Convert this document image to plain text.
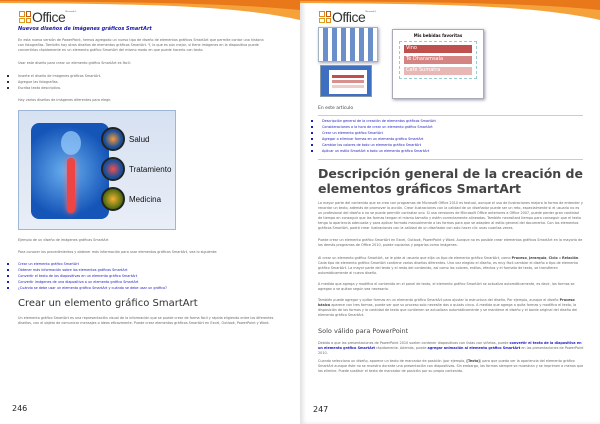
Office Microsoft®
Nuevos diseños de imágenes gráficos SmartArt

En esta nueva versión de PowerPoint, hemos agregado un nuevo tipo de diseño de elementos gráficos SmartArt que permite contar una historia con fotografías. También hay otros diseños de elementos gráficos SmartArt. Y, lo que es aún mejor, si tiene imágenes en la diapositiva puede convertirlas rápidamente en un elemento gráfico SmartArt del mismo modo en que puede hacerlo con texto.

Usar este diseño para crear un elemento gráfico SmartArt es fácil:

Inserte el diseño de imágenes gráficas SmartArt.
Agregue las fotografías.
Escriba texto descriptivo.

Hay varios diseños de imágenes diferentes para elegir.

Salud
Tratamiento
Medicina

Ejemplo de un diseño de imágenes gráficas SmartArt

Para conocer los procedimientos y obtener más información para usar elementos gráficos SmartArt, vea lo siguiente:

Crear un elemento gráfico SmartArt
Obtener más información sobre los elementos gráficos SmartArt
Convertir el texto de las diapositivas en un elemento gráfico SmartArt
Convertir imágenes de una diapositiva a un elemento gráfico SmartArt
¿Cuándo se debe usar un elemento gráfico SmartArt y cuándo se debe usar un gráfico?
Crear un elemento gráfico SmartArt

Un elemento gráfico SmartArt es una representación visual de la información que se puede crear de forma fácil y rápida eligiendo entre los diferentes diseños, con el objeto de comunicar mensajes o ideas eficazmente. Puede crear elementos gráficos SmartArt en Excel, Outlook, PowerPoint y Word.

246
Office Microsoft®
Mis bebidas favoritas
Vino
Té Dharamsala
Café Sumatra
En este artículo
Descripción general de la creación de elementos gráficos SmartArt
Consideraciones a la hora de crear un elemento gráfico SmartArt
Crear un elemento gráfico SmartArt
Agregar o eliminar formas en un elemento gráfico SmartArt
Cambiar los colores de todo un elemento gráfico SmartArt
Aplicar un estilo SmartArt a todo un elemento gráfico SmartArt
Descripción general de la creación de elementos gráficos SmartArt

La mayor parte del contenido que se crea con programas de Microsoft Office 2010 es textual, aunque el uso de ilustraciones mejora la forma de entender y recordar un texto, además de promover la acción. Crear ilustraciones con la calidad de un diseñador puede ser un reto, especialmente si el usuario no es un profesional del diseño o no se puede permitir contratar uno. Si usa versiones de Microsoft Office anteriores a Office 2007, puede perder gran cantidad de tiempo en conseguir que las formas tengan el mismo tamaño y estén correctamente alineadas. También necesitará tiempo para conseguir que el texto tenga la apariencia adecuada y para aplicar formato manualmente a las formas para que se adapten al estilo general del documento. Con los elementos gráficos SmartArt, podrá crear ilustraciones con la calidad de un diseñador con solo hacer clic unas cuantas veces.

Puede crear un elemento gráfico SmartArt en Excel, Outlook, PowerPoint y Word. Aunque no es posible crear elementos gráficos SmartArt en la mayoría de los demás programas de Office 2010, puede copiarlos y pegarlos como imágenes.

Al crear un elemento gráfico SmartArt, se le pide al usuario que elija un tipo de elemento gráfico SmartArt, como Proceso, Jerarquía, Ciclo o Relación. Cada tipo de elemento gráfico SmartArt contiene varios diseños diferentes. Una vez elegido el diseño, es muy fácil cambiar el diseño o tipo de elemento gráfico SmartArt. La mayor parte del texto y el resto del contenido, así como los colores, estilos, efectos y el formato de texto, se transfieren automáticamente al nuevo diseño.

A medida que agrega y modifica el contenido en el panel de texto, el elemento gráfico SmartArt se actualiza automáticamente, es decir, las formas se agregan o se quitan según sea necesario.

También puede agregar y quitar formas en un elemento gráfico SmartArt para ajustar la estructura del diseño. Por ejemplo, aunque el diseño Proceso básico aparece con tres formas, puede ser que su proceso solo necesite dos o quizás cinco. A medida que agrega o quita formas y modifica el texto, la disposición de las formas y la cantidad de texto que contienen se actualizan automáticamente y se mantiene el diseño y el borde original del diseño del elemento gráfico SmartArt.

Solo válido para PowerPoint

Debido a que las presentaciones de PowerPoint 2010 suelen contener diapositivas con listas con viñetas, puede convertir el texto de la diapositiva en un elemento gráfico SmartArt rápidamente. Además, puede agregar animación al elemento gráfico SmartArt en las presentaciones de PowerPoint 2010.

Cuando selecciona un diseño, aparece un texto de marcador de posición (por ejemplo, [Texto]) para que pueda ver la apariencia del elemento gráfico SmartArt aunque éste no se muestra durante una presentación con diapositivas. Sin embargo, las formas siempre se muestran y se imprimen a menos que las elimine. Puede sustituir el texto de marcador de posición por su propio contenido.

247
